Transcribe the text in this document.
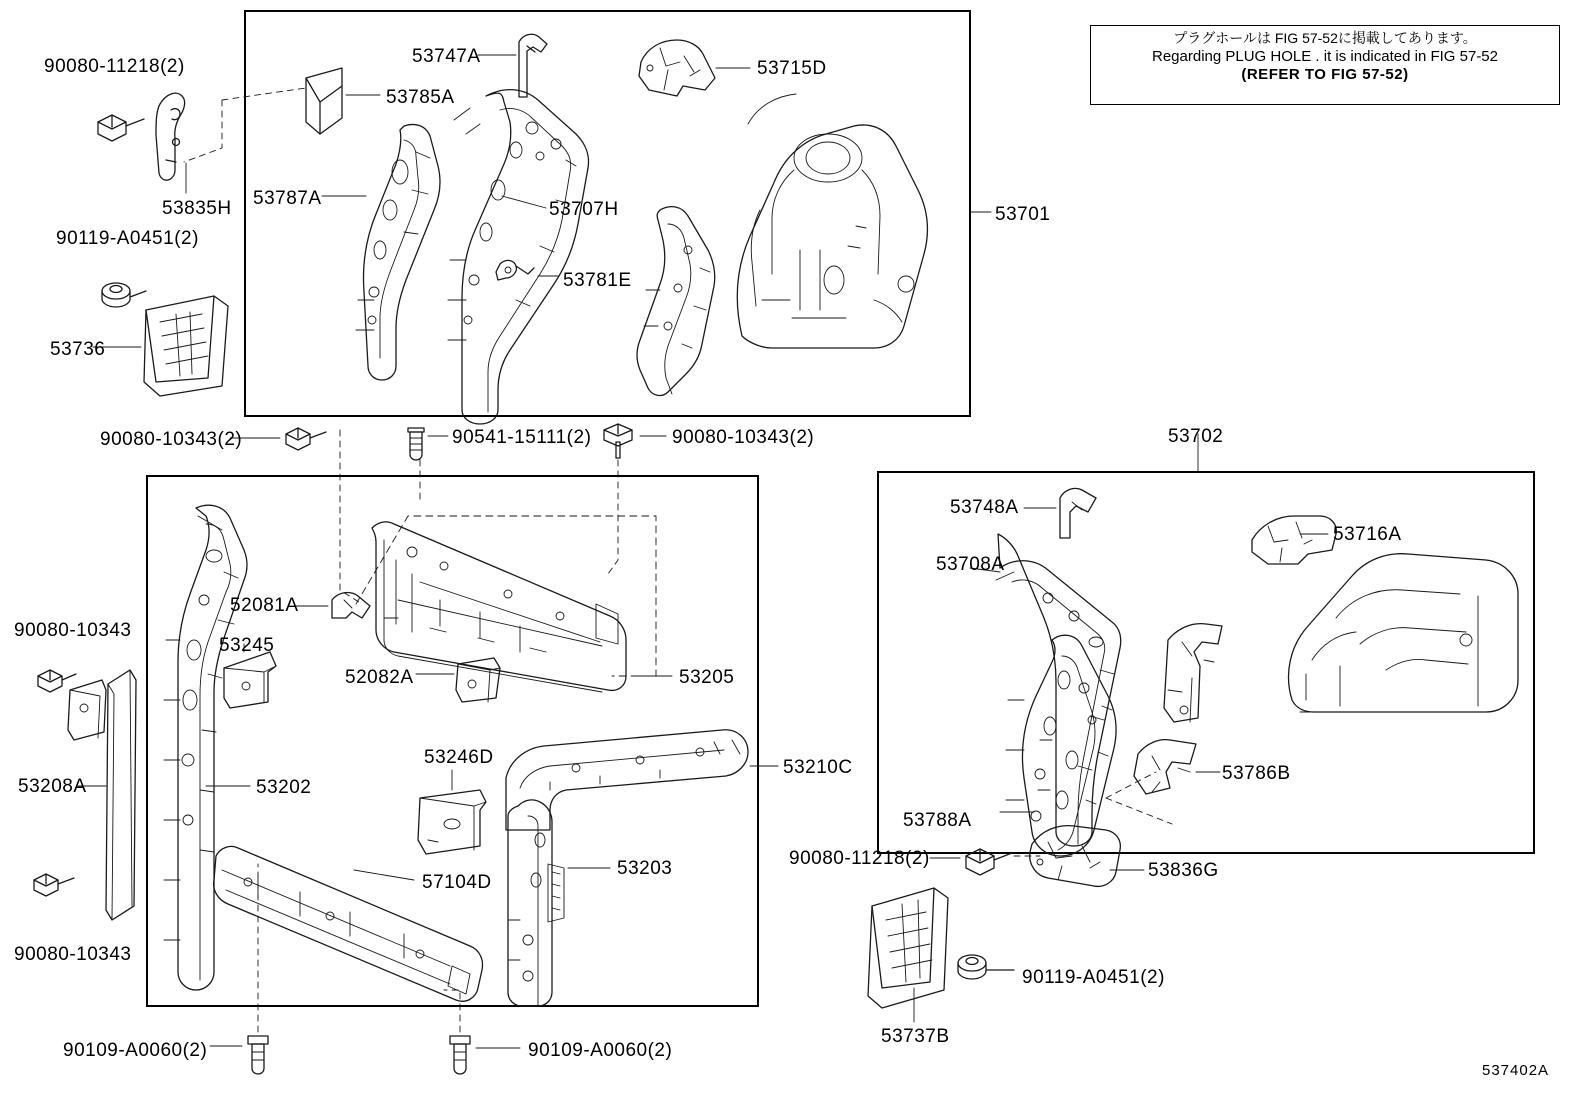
プラグホールは FIG 57-52に掲載してあります。
Regarding PLUG HOLE . it is indicated in FIG 57-52
(REFER TO FIG 57-52)
90080-11218(2)	53747A
53715D
53785A
53835H 53787A
53707H	53701
90119-A0451(2)
53781E
53736
90080-10343(2)	90541-15111(2)	90080-10343(2)	53702
53748A
53716A
53708A
52081A
90080-10343
53245
52082A	53205
53246D	53210C
53208A	53202
53786B
53788A
53203	90080-11218(2)
57104D
53836G
90080-10343
90119-A0451(2)
53737B
90109-A0060(2)	90109-A0060(2)
537402A
